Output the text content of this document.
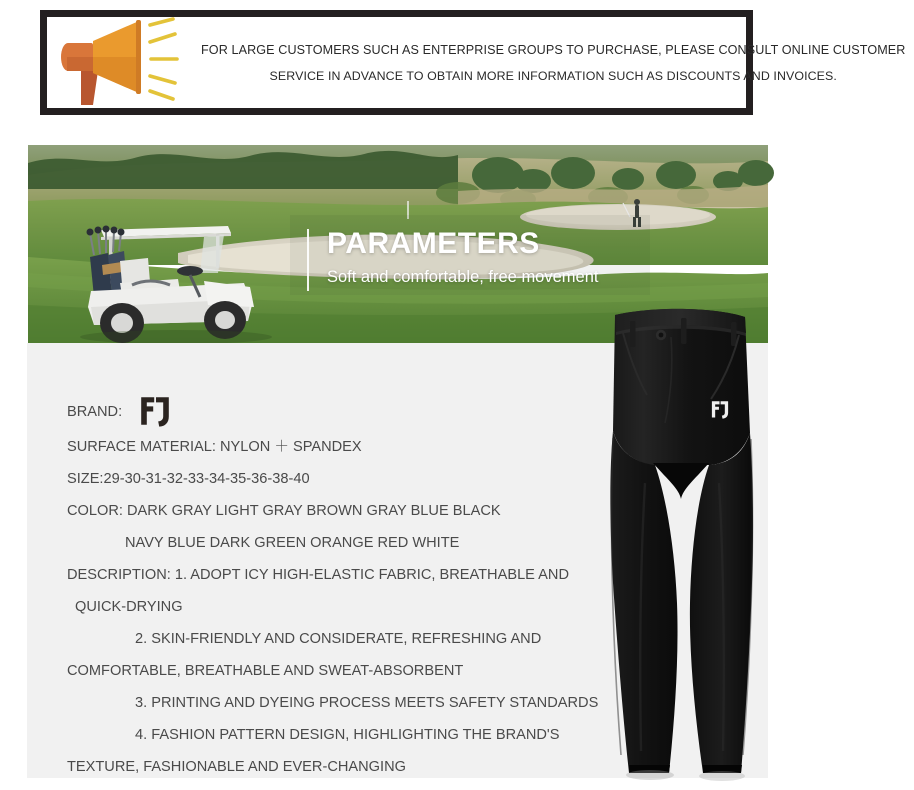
FOR LARGE CUSTOMERS SUCH AS ENTERPRISE GROUPS TO PURCHASE, PLEASE CONSULT ONLINE CUSTOMER
SERVICE IN ADVANCE TO OBTAIN MORE INFORMATION SUCH AS DISCOUNTS AND INVOICES.
PARAMETERS
Soft and comfortable, free movement
BRAND:
SURFACE MATERIAL: NYLON ＋ SPANDEX
SIZE:29-30-31-32-33-34-35-36-38-40
COLOR: DARK GRAY LIGHT GRAY BROWN GRAY BLUE BLACK
NAVY BLUE DARK GREEN ORANGE RED WHITE
DESCRIPTION: 1. ADOPT ICY HIGH-ELASTIC FABRIC, BREATHABLE AND
QUICK-DRYING
2. SKIN-FRIENDLY AND CONSIDERATE, REFRESHING AND
COMFORTABLE, BREATHABLE AND SWEAT-ABSORBENT
3. PRINTING AND DYEING PROCESS MEETS SAFETY STANDARDS
4. FASHION PATTERN DESIGN, HIGHLIGHTING THE BRAND'S
TEXTURE, FASHIONABLE AND EVER-CHANGING
